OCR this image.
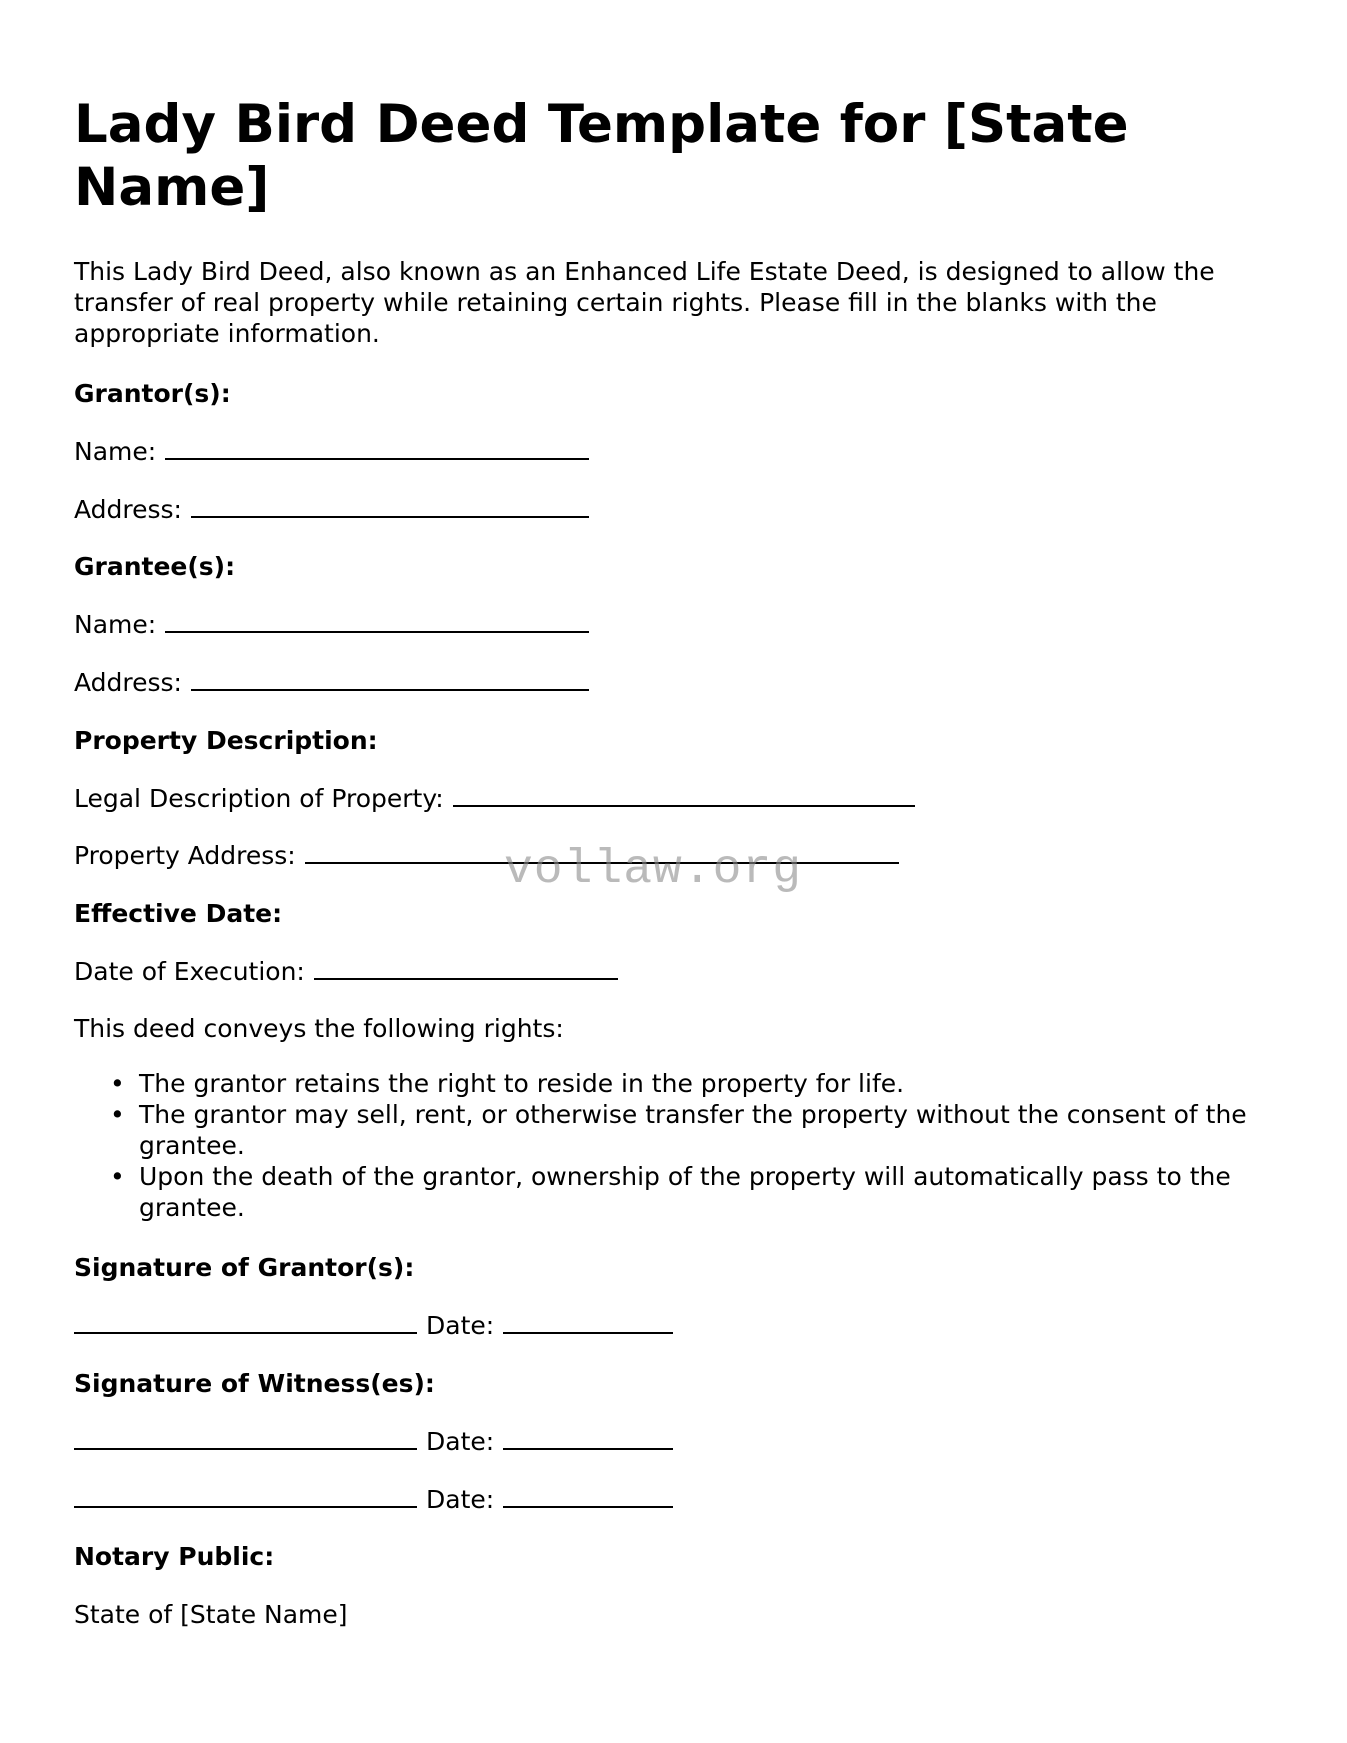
Lady Bird Deed Template for [State Name]

This Lady Bird Deed, also known as an Enhanced Life Estate Deed, is designed to allow the transfer of real property while retaining certain rights. Please fill in the blanks with the appropriate information.

Grantor(s):

Name:

Address:

Grantee(s):

Name:

Address:

Property Description:

Legal Description of Property:

Property Address:

Effective Date:

Date of Execution:

This deed conveys the following rights:

• The grantor retains the right to reside in the property for life.
• The grantor may sell, rent, or otherwise transfer the property without the consent of the grantee.
• Upon the death of the grantor, ownership of the property will automatically pass to the grantee.

Signature of Grantor(s):

Date:

Signature of Witness(es):

Date:

Date:

Notary Public:

State of [State Name]

vollaw.org
